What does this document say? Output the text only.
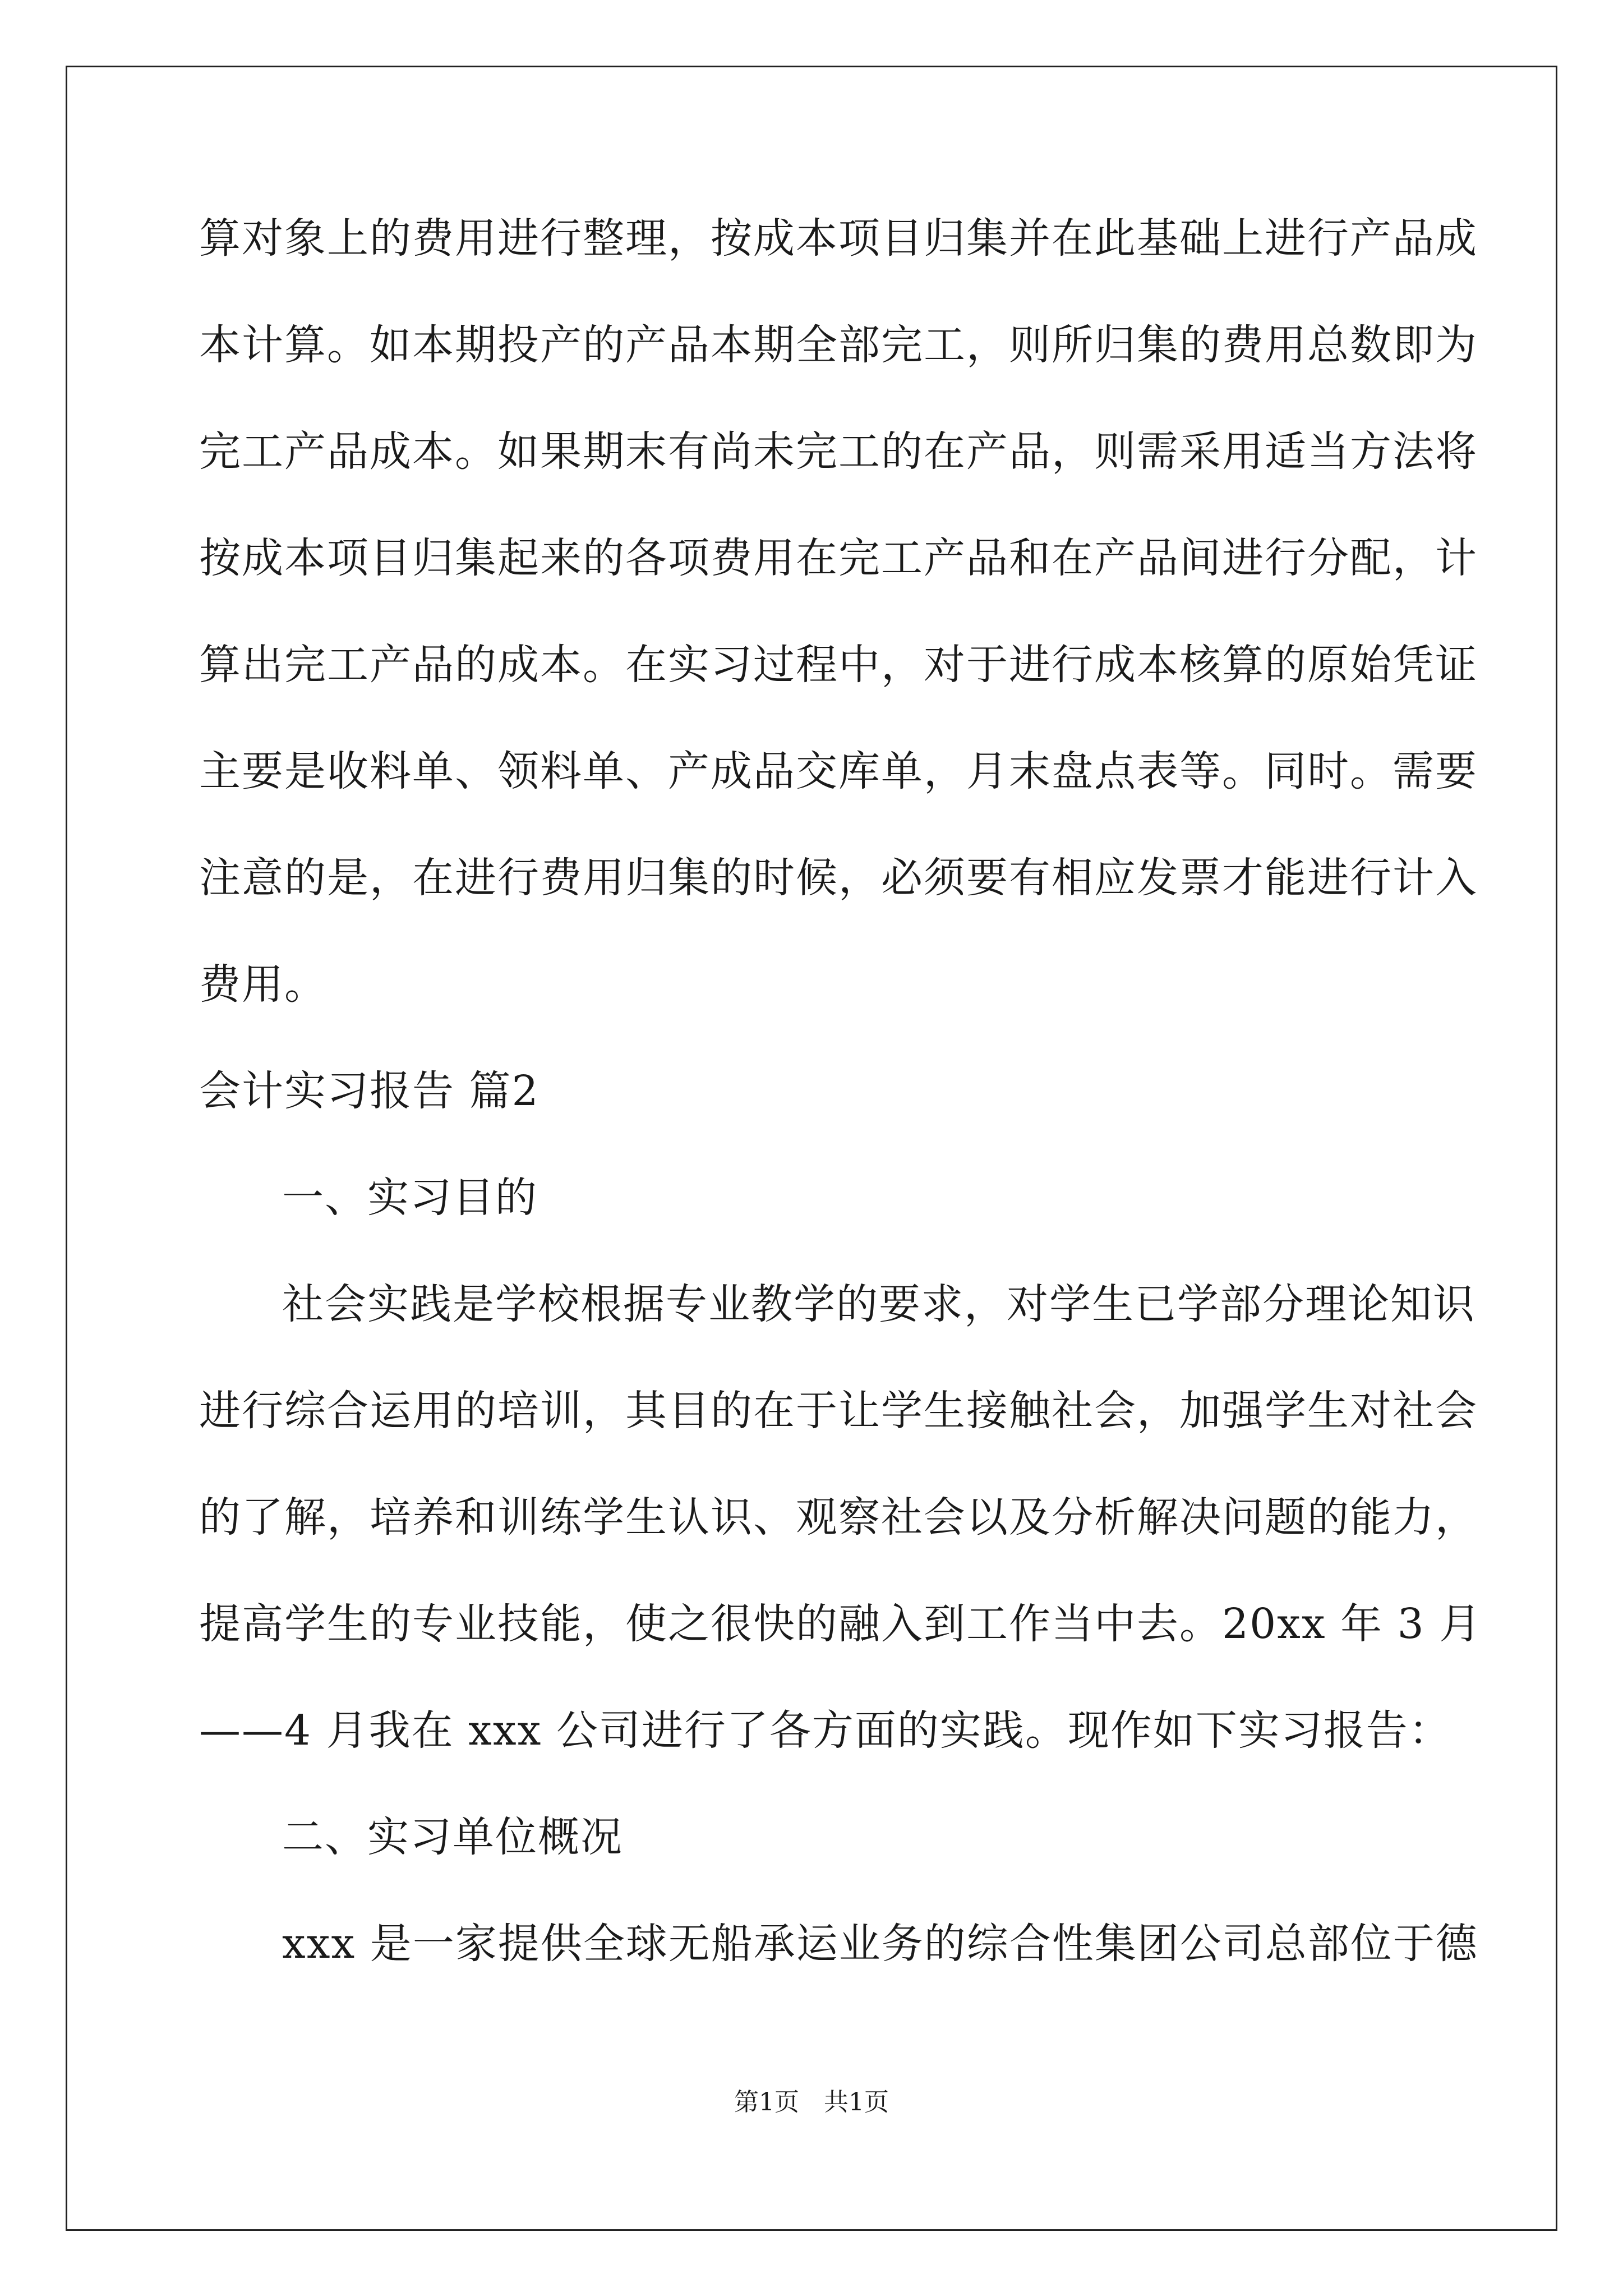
算对象上的费用进行整理，按成本项目归集并在此基础上进行产品成
本计算。如本期投产的产品本期全部完工，则所归集的费用总数即为
完工产品成本。如果期末有尚未完工的在产品，则需采用适当方法将
按成本项目归集起来的各项费用在完工产品和在产品间进行分配，计
算出完工产品的成本。在实习过程中，对于进行成本核算的原始凭证
主要是收料单、领料单、产成品交库单，月末盘点表等。同时。需要
注意的是，在进行费用归集的时候，必须要有相应发票才能进行计入
费用。
会计实习报告 篇2
一、实习目的
社会实践是学校根据专业教学的要求，对学生已学部分理论知识
进行综合运用的培训，其目的在于让学生接触社会，加强学生对社会
的了解，培养和训练学生认识、观察社会以及分析解决问题的能力，
提高学生的专业技能，使之很快的融入到工作当中去。20xx 年 3 月
——4 月我在 xxx 公司进行了各方面的实践。现作如下实习报告：
二、实习单位概况
xxx 是一家提供全球无船承运业务的综合性集团公司总部位于德
第1页　共1页
